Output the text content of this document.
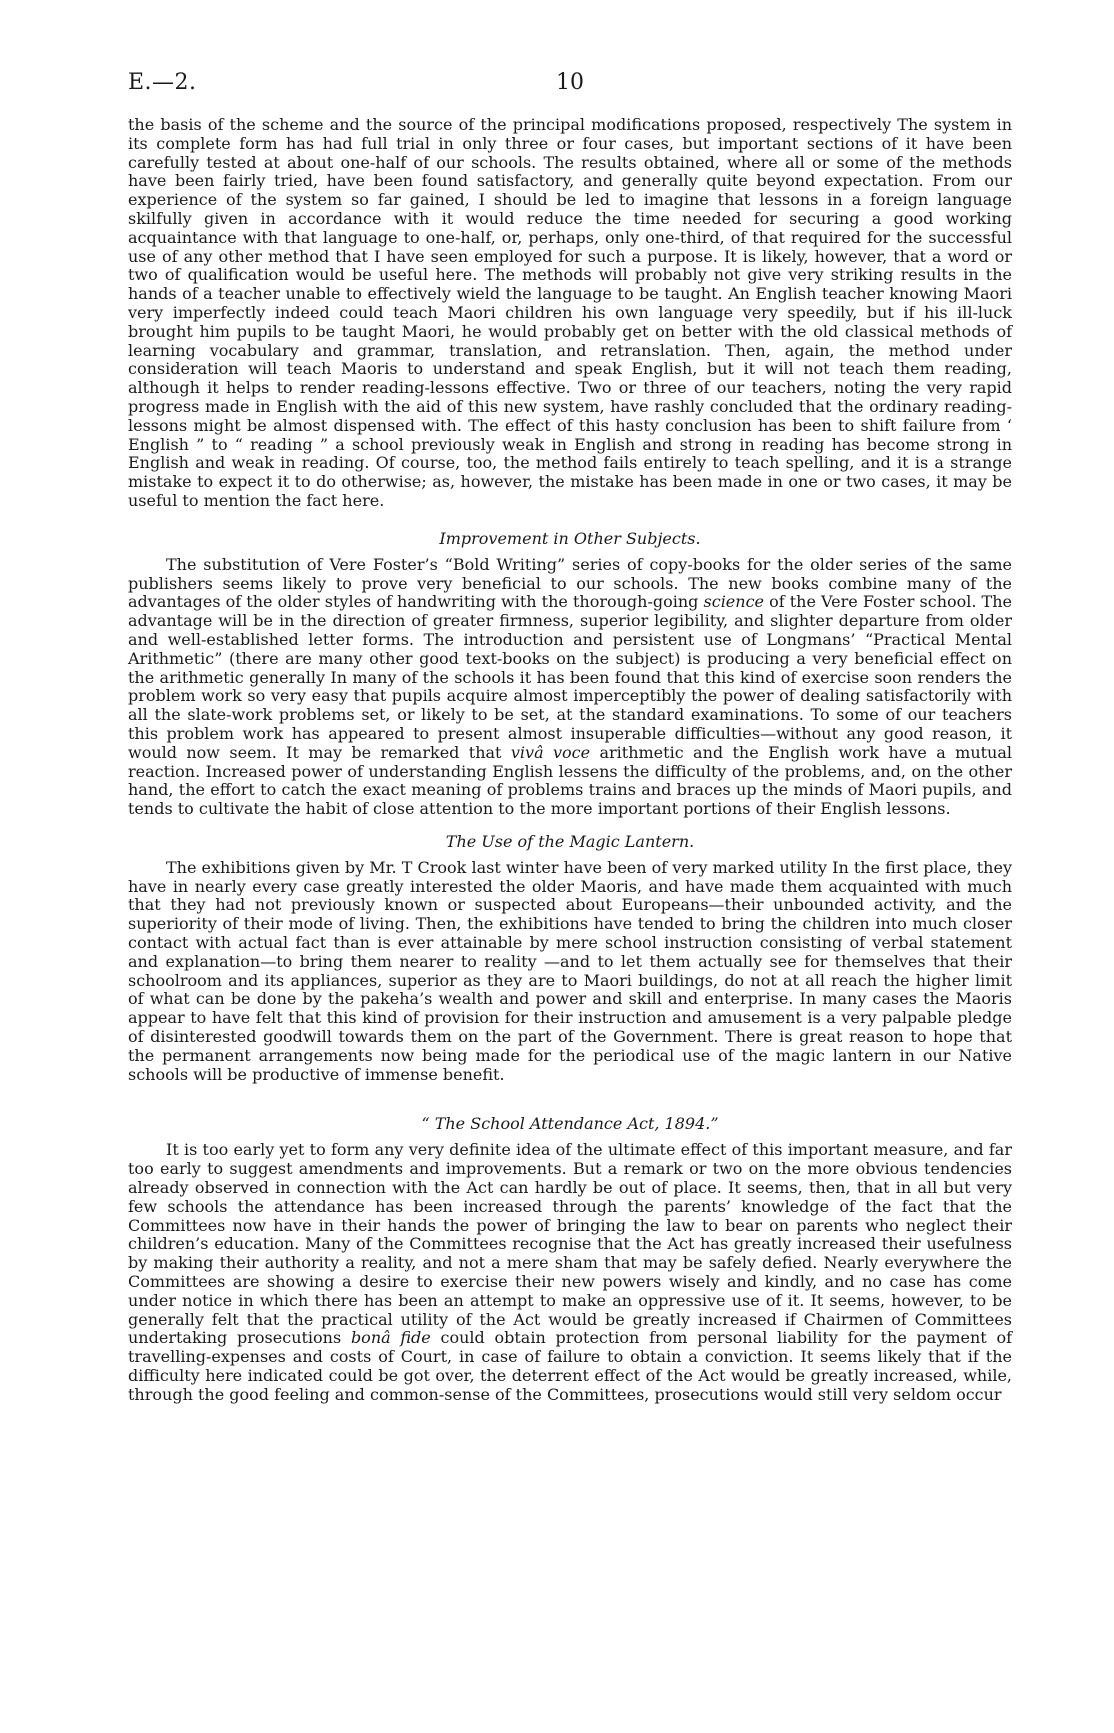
E.—2.	10

the basis of the scheme and the source of the principal modifications proposed, respectively The system in its complete form has had full trial in only three or four cases, but important sections of it have been carefully tested at about one-half of our schools. The results obtained, where all or some of the methods have been fairly tried, have been found satisfactory, and generally quite beyond expectation. From our experience of the system so far gained, I should be led to imagine that lessons in a foreign language skilfully given in accordance with it would reduce the time needed for securing a good working acquaintance with that language to one-half, or, perhaps, only one-third, of that required for the successful use of any other method that I have seen employed for such a purpose. It is likely, however, that a word or two of qualification would be useful here. The methods will probably not give very striking results in the hands of a teacher unable to effectively wield the language to be taught. An English teacher knowing Maori very imperfectly indeed could teach Maori children his own language very speedily, but if his ill-luck brought him pupils to be taught Maori, he would probably get on better with the old classical methods of learning vocabulary and grammar, translation, and retranslation. Then, again, the method under consideration will teach Maoris to understand and speak English, but it will not teach them reading, although it helps to render reading-lessons effective. Two or three of our teachers, noting the very rapid progress made in English with the aid of this new system, have rashly concluded that the ordinary reading-lessons might be almost dispensed with. The effect of this hasty conclusion has been to shift failure from ‘ English ” to “ reading ” a school previously weak in English and strong in reading has become strong in English and weak in reading. Of course, too, the method fails entirely to teach spelling, and it is a strange mistake to expect it to do otherwise; as, however, the mistake has been made in one or two cases, it may be useful to mention the fact here.

Improvement in Other Subjects.

The substitution of Vere Foster’s “Bold Writing” series of copy-books for the older series of the same publishers seems likely to prove very beneficial to our schools. The new books combine many of the advantages of the older styles of handwriting with the thorough-going science of the Vere Foster school. The advantage will be in the direction of greater firmness, superior legibility, and slighter departure from older and well-established letter forms. The introduction and persistent use of Longmans’ “Practical Mental Arithmetic” (there are many other good text-books on the subject) is producing a very beneficial effect on the arithmetic generally In many of the schools it has been found that this kind of exercise soon renders the problem work so very easy that pupils acquire almost imperceptibly the power of dealing satisfactorily with all the slate-work problems set, or likely to be set, at the standard examinations. To some of our teachers this problem work has appeared to present almost insuperable difficulties—without any good reason, it would now seem. It may be remarked that vivâ voce arithmetic and the English work have a mutual reaction. Increased power of understanding English lessens the difficulty of the problems, and, on the other hand, the effort to catch the exact meaning of problems trains and braces up the minds of Maori pupils, and tends to cultivate the habit of close attention to the more important portions of their English lessons.

The Use of the Magic Lantern.

The exhibitions given by Mr. T Crook last winter have been of very marked utility In the first place, they have in nearly every case greatly interested the older Maoris, and have made them acquainted with much that they had not previously known or suspected about Europeans—their unbounded activity, and the superiority of their mode of living. Then, the exhibitions have tended to bring the children into much closer contact with actual fact than is ever attainable by mere school instruction consisting of verbal statement and explanation—to bring them nearer to reality —and to let them actually see for themselves that their schoolroom and its appliances, superior as they are to Maori buildings, do not at all reach the higher limit of what can be done by the pakeha’s wealth and power and skill and enterprise. In many cases the Maoris appear to have felt that this kind of provision for their instruction and amusement is a very palpable pledge of disinterested goodwill towards them on the part of the Government. There is great reason to hope that the permanent arrangements now being made for the periodical use of the magic lantern in our Native schools will be productive of immense benefit.

“ The School Attendance Act, 1894.”

It is too early yet to form any very definite idea of the ultimate effect of this important measure, and far too early to suggest amendments and improvements. But a remark or two on the more obvious tendencies already observed in connection with the Act can hardly be out of place. It seems, then, that in all but very few schools the attendance has been increased through the parents’ knowledge of the fact that the Committees now have in their hands the power of bringing the law to bear on parents who neglect their children’s education. Many of the Committees recognise that the Act has greatly increased their usefulness by making their authority a reality, and not a mere sham that may be safely defied. Nearly everywhere the Committees are showing a desire to exercise their new powers wisely and kindly, and no case has come under notice in which there has been an attempt to make an oppressive use of it. It seems, however, to be generally felt that the practical utility of the Act would be greatly increased if Chairmen of Committees undertaking prosecutions bonâ fide could obtain protection from personal liability for the payment of travelling-expenses and costs of Court, in case of failure to obtain a conviction. It seems likely that if the difficulty here indicated could be got over, the deterrent effect of the Act would be greatly increased, while, through the good feeling and common-sense of the Committees, prosecutions would still very seldom occur
